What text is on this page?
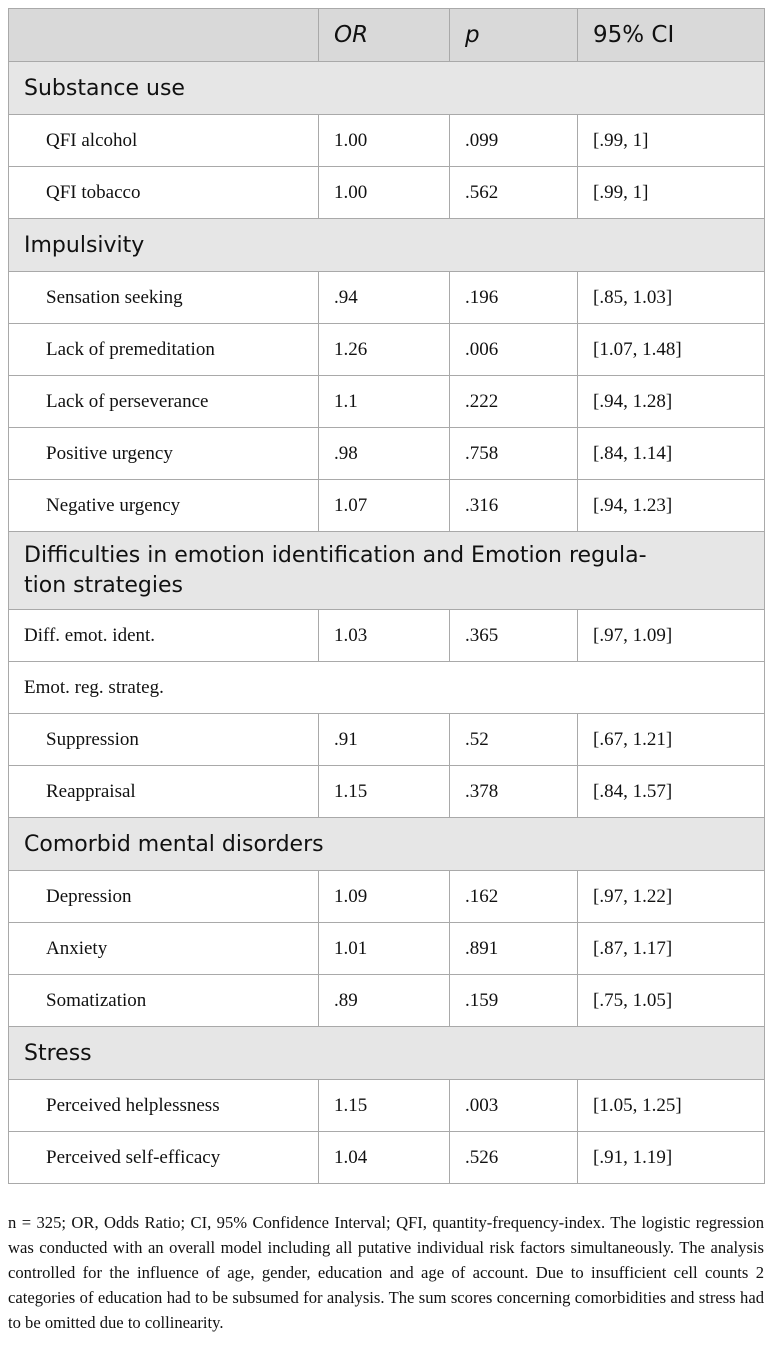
	OR	p	95% CI
Substance use			
QFI alcohol	1.00	.099	[.99, 1]
QFI tobacco	1.00	.562	[.99, 1]
Impulsivity			
Sensation seeking	.94	.196	[.85, 1.03]
Lack of premeditation	1.26	.006	[1.07, 1.48]
Lack of perseverance	1.1	.222	[.94, 1.28]
Positive urgency	.98	.758	[.84, 1.14]
Negative urgency	1.07	.316	[.94, 1.23]
Difficulties in emotion identification and Emotion regula-
tion strategies			
Diff. emot. ident.	1.03	.365	[.97, 1.09]
Emot. reg. strateg.			
Suppression	.91	.52	[.67, 1.21]
Reappraisal	1.15	.378	[.84, 1.57]
Comorbid mental disorders			
Depression	1.09	.162	[.97, 1.22]
Anxiety	1.01	.891	[.87, 1.17]
Somatization	.89	.159	[.75, 1.05]
Stress			
Perceived helplessness	1.15	.003	[1.05, 1.25]
Perceived self-efficacy	1.04	.526	[.91, 1.19]
n = 325; OR, Odds Ratio; CI, 95% Confidence Interval; QFI, quantity-frequency-index. The logistic regression was conducted with an overall model including all putative individual risk factors simultaneously. The analysis controlled for the influence of age, gender, education and age of account. Due to insufficient cell counts 2 categories of education had to be subsumed for analysis. The sum scores concerning comorbidities and stress had to be omitted due to collinearity.
